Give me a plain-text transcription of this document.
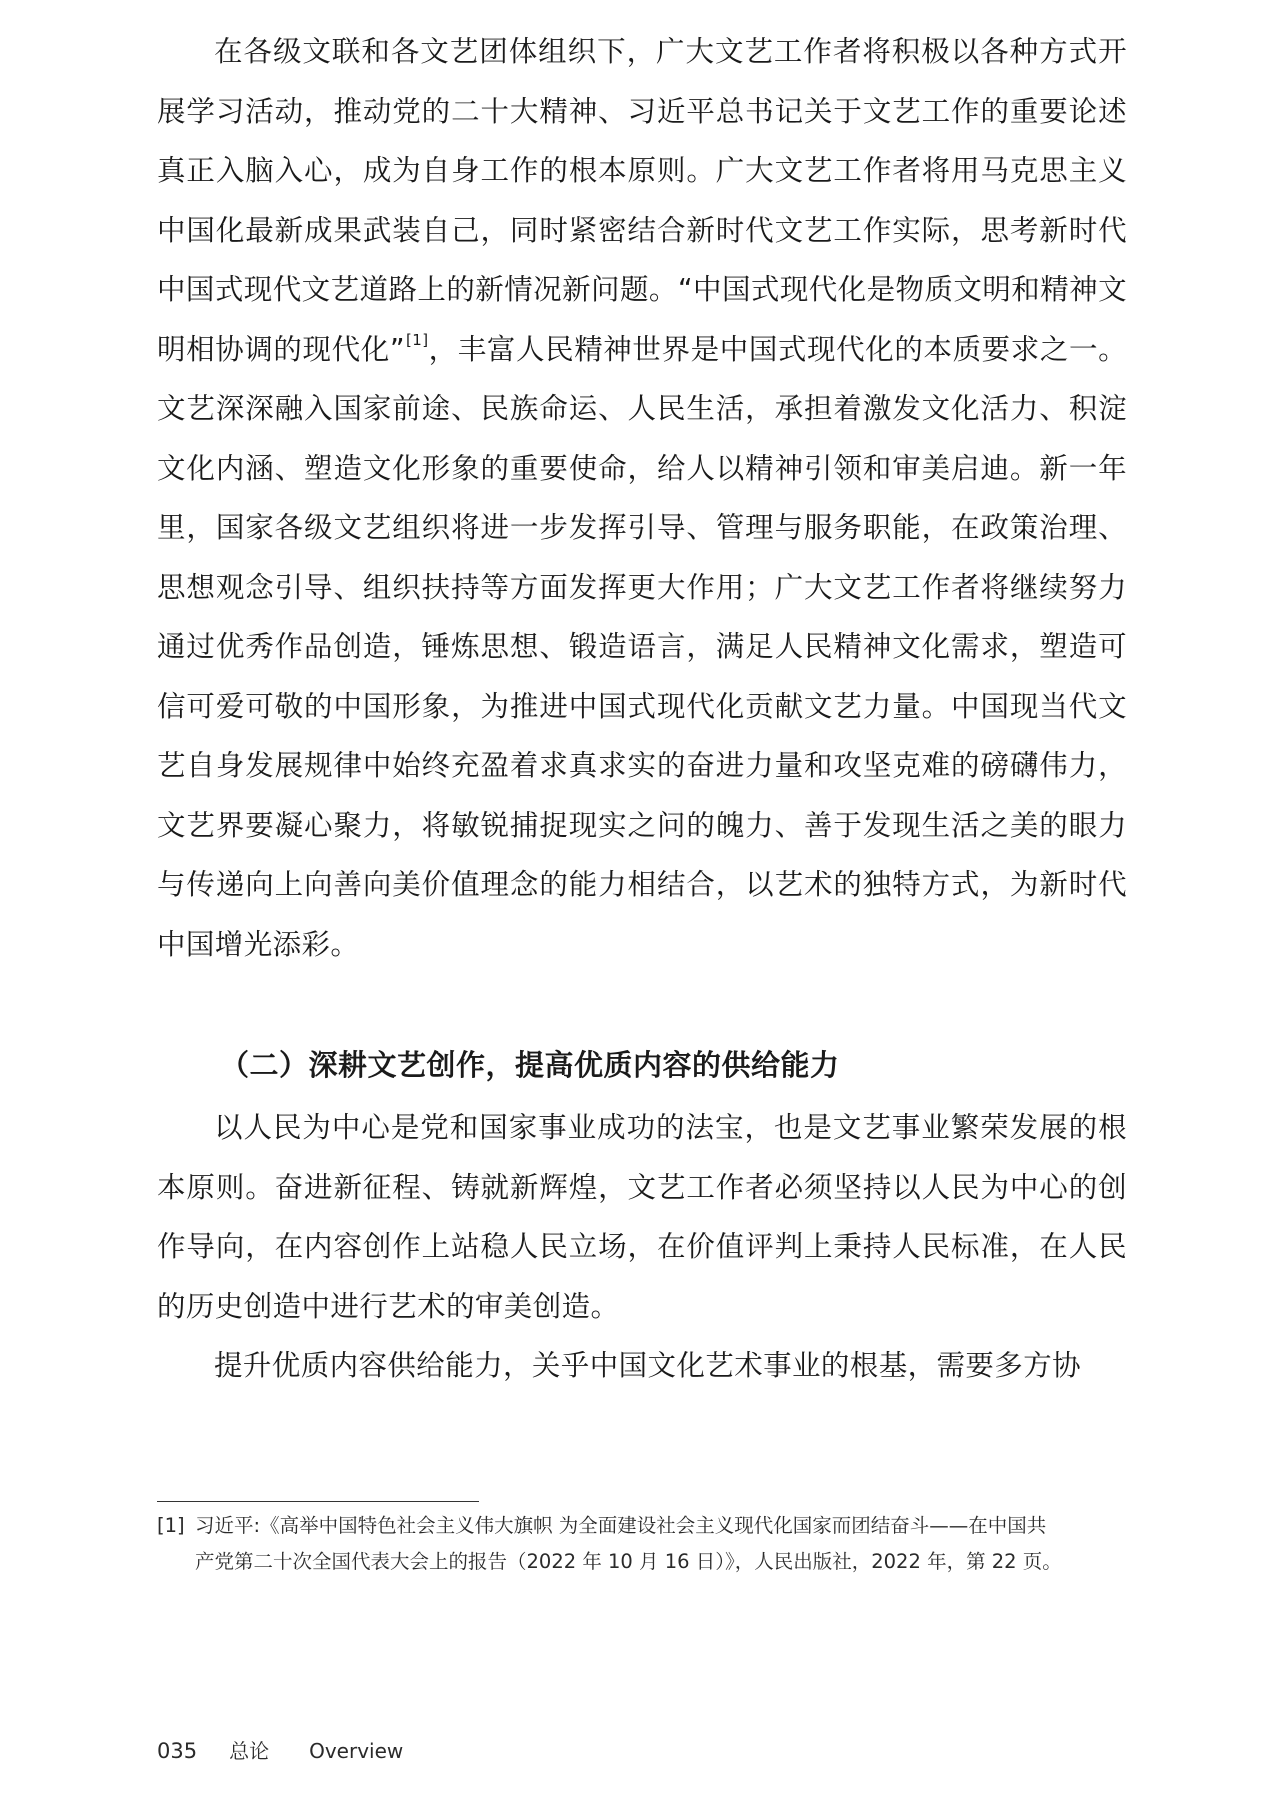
在各级文联和各文艺团体组织下，广大文艺工作者将积极以各种方式开展学习活动，推动党的二十大精神、习近平总书记关于文艺工作的重要论述真正入脑入心，成为自身工作的根本原则。广大文艺工作者将用马克思主义中国化最新成果武装自己，同时紧密结合新时代文艺工作实际，思考新时代中国式现代文艺道路上的新情况新问题。“中国式现代化是物质文明和精神文明相协调的现代化”[1]，丰富人民精神世界是中国式现代化的本质要求之一。文艺深深融入国家前途、民族命运、人民生活，承担着激发文化活力、积淀文化内涵、塑造文化形象的重要使命，给人以精神引领和审美启迪。新一年里，国家各级文艺组织将进一步发挥引导、管理与服务职能，在政策治理、思想观念引导、组织扶持等方面发挥更大作用；广大文艺工作者将继续努力通过优秀作品创造，锤炼思想、锻造语言，满足人民精神文化需求，塑造可信可爱可敬的中国形象，为推进中国式现代化贡献文艺力量。中国现当代文艺自身发展规律中始终充盈着求真求实的奋进力量和攻坚克难的磅礴伟力，文艺界要凝心聚力，将敏锐捕捉现实之问的魄力、善于发现生活之美的眼力与传递向上向善向美价值理念的能力相结合，以艺术的独特方式，为新时代中国增光添彩。

（二）深耕文艺创作，提高优质内容的供给能力

以人民为中心是党和国家事业成功的法宝，也是文艺事业繁荣发展的根本原则。奋进新征程、铸就新辉煌，文艺工作者必须坚持以人民为中心的创作导向，在内容创作上站稳人民立场，在价值评判上秉持人民标准，在人民的历史创造中进行艺术的审美创造。

提升优质内容供给能力，关乎中国文化艺术事业的根基，需要多方协

[1] 习近平:《高举中国特色社会主义伟大旗帜 为全面建设社会主义现代化国家而团结奋斗——在中国共
产党第二十次全国代表大会上的报告（2022 年 10 月 16 日）》，人民出版社，2022 年，第 22 页。
035 总论 Overview
